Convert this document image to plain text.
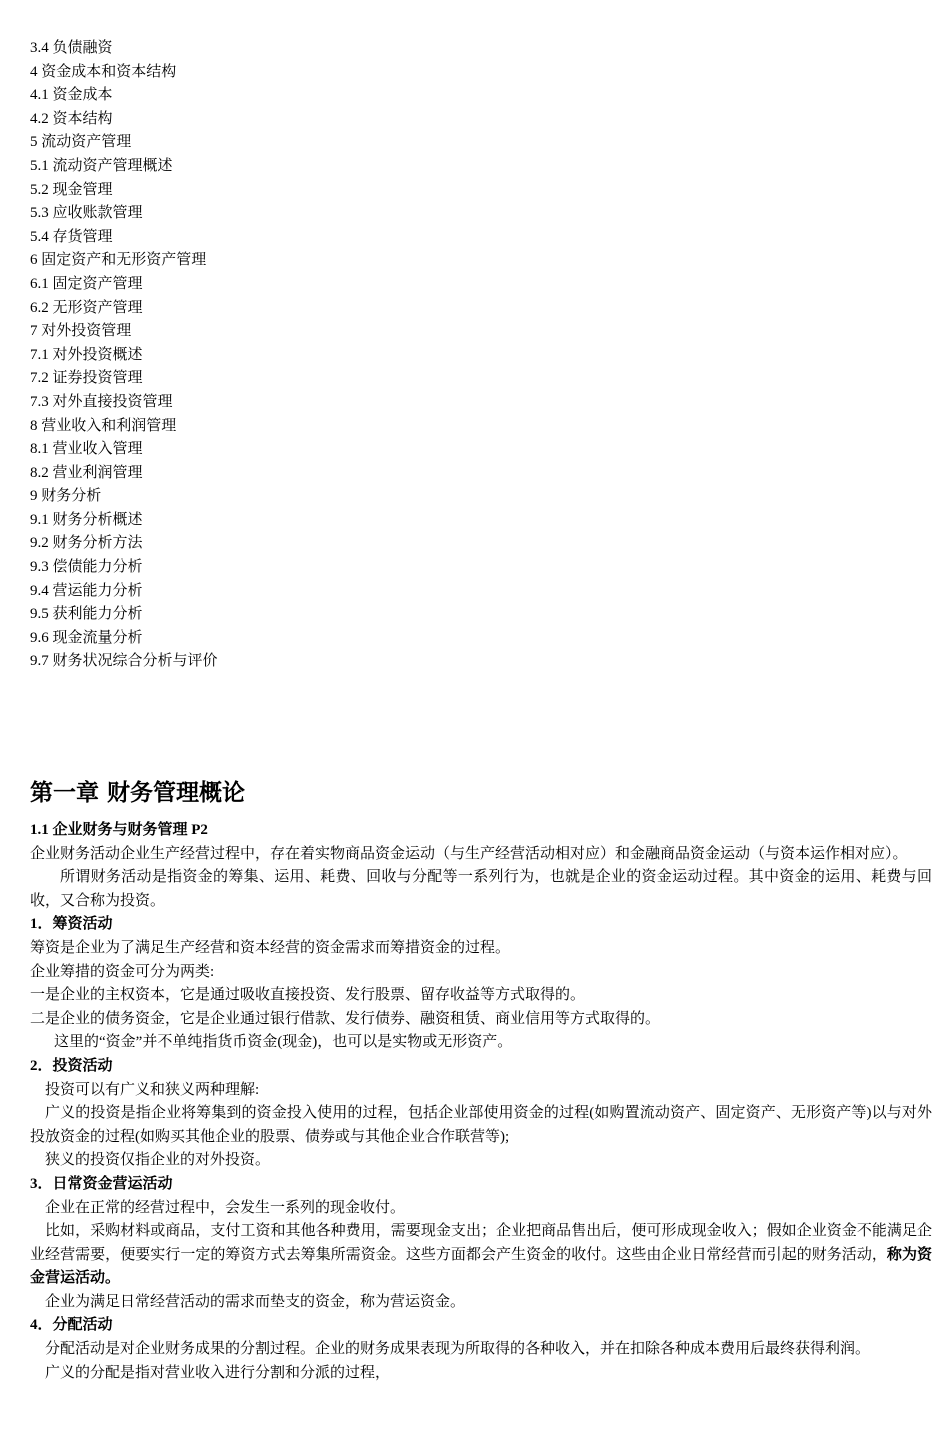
3.4 负债融资
4 资金成本和资本结构
4.1 资金成本
4.2 资本结构
5 流动资产管理
5.1 流动资产管理概述
5.2 现金管理
5.3 应收账款管理
5.4 存货管理
6 固定资产和无形资产管理
6.1 固定资产管理
6.2 无形资产管理
7 对外投资管理
7.1 对外投资概述
7.2 证券投资管理
7.3 对外直接投资管理
8 营业收入和利润管理
8.1 营业收入管理
8.2 营业利润管理
9 财务分析
9.1 财务分析概述
9.2 财务分析方法
9.3 偿债能力分析
9.4 营运能力分析
9.5 获利能力分析
9.6 现金流量分析
9.7 财务状况综合分析与评价
第一章 财务管理概论

1.1 企业财务与财务管理 P2

企业财务活动企业生产经营过程中，存在着实物商品资金运动（与生产经营活动相对应）和金融商品资金运动（与资本运作相对应）。

所谓财务活动是指资金的筹集、运用、耗费、回收与分配等一系列行为，也就是企业的资金运动过程。其中资金的运用、耗费与回收，又合称为投资。

1．筹资活动

筹资是企业为了满足生产经营和资本经营的资金需求而筹措资金的过程。

企业筹措的资金可分为两类:

一是企业的主权资本，它是通过吸收直接投资、发行股票、留存收益等方式取得的。

二是企业的债务资金，它是企业通过银行借款、发行债券、融资租赁、商业信用等方式取得的。

这里的“资金”并不单纯指货币资金(现金)，也可以是实物或无形资产。

2．投资活动

投资可以有广义和狭义两种理解:

广义的投资是指企业将筹集到的资金投入使用的过程，包括企业部使用资金的过程(如购置流动资产、固定资产、无形资产等)以与对外投放资金的过程(如购买其他企业的股票、债券或与其他企业合作联营等);

狭义的投资仅指企业的对外投资。

3．日常资金营运活动

企业在正常的经营过程中，会发生一系列的现金收付。

比如，采购材料或商品，支付工资和其他各种费用，需要现金支出；企业把商品售出后，便可形成现金收入；假如企业资金不能满足企业经营需要，便要实行一定的筹资方式去筹集所需资金。这些方面都会产生资金的收付。这些由企业日常经营而引起的财务活动，称为资金营运活动。

企业为满足日常经营活动的需求而垫支的资金，称为营运资金。

4．分配活动

分配活动是对企业财务成果的分割过程。企业的财务成果表现为所取得的各种收入，并在扣除各种成本费用后最终获得利润。

广义的分配是指对营业收入进行分割和分派的过程，
